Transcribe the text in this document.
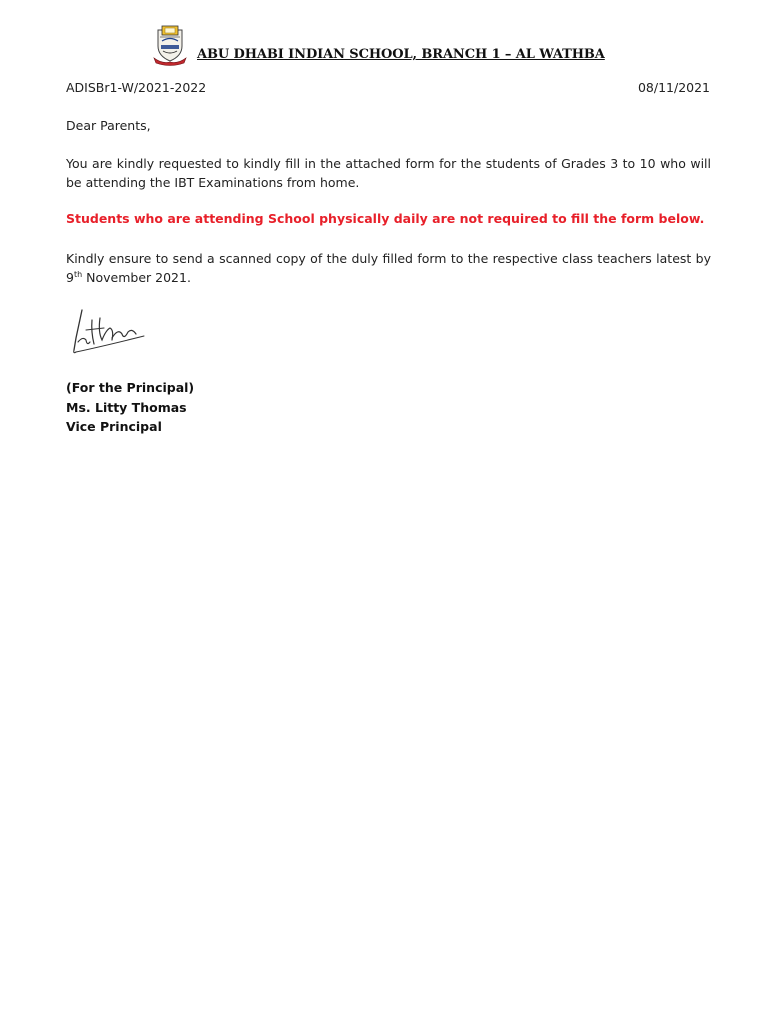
ABU DHABI INDIAN SCHOOL, BRANCH 1 – AL WATHBA
ADISBr1-W/2021-2022	08/11/2021
Dear Parents,
You are kindly requested to kindly fill in the attached form for the students of Grades 3 to 10 who will be attending the IBT Examinations from home.
Students who are attending School physically daily are not required to fill the form below.
Kindly ensure to send a scanned copy of the duly filled form to the respective class teachers latest by 9th November 2021.
(For the Principal)
Ms. Litty Thomas
Vice Principal
